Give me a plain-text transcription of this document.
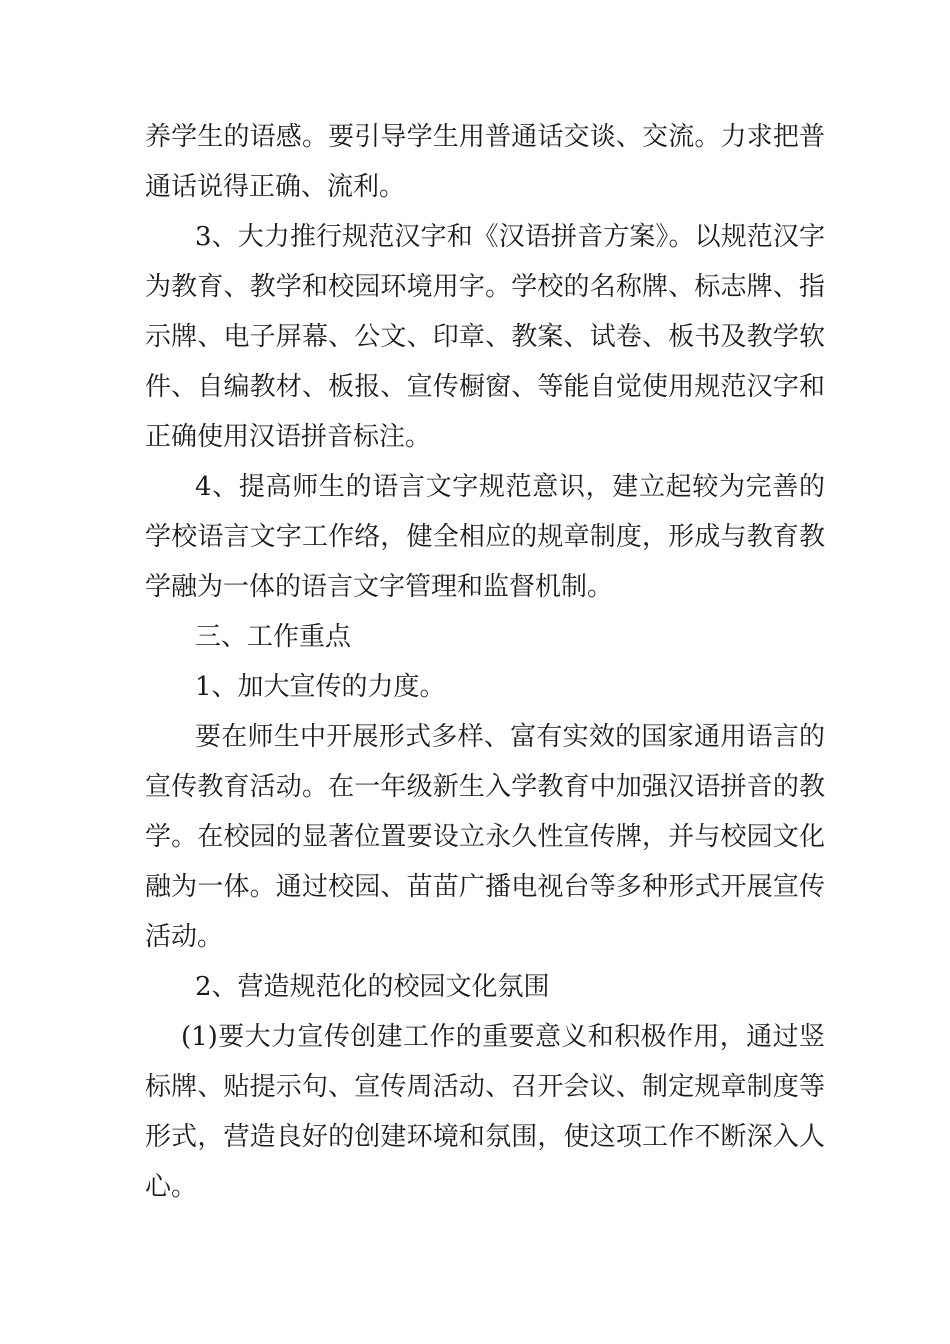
养学生的语感。要引导学生用普通话交谈、交流。力求把普通话说得正确、流利。

3、大力推行规范汉字和《汉语拼音方案》。以规范汉字为教育、教学和校园环境用字。学校的名称牌、标志牌、指示牌、电子屏幕、公文、印章、教案、试卷、板书及教学软件、自编教材、板报、宣传橱窗、等能自觉使用规范汉字和正确使用汉语拼音标注。

4、提高师生的语言文字规范意识，建立起较为完善的学校语言文字工作络，健全相应的规章制度，形成与教育教学融为一体的语言文字管理和监督机制。

三、工作重点

1、加大宣传的力度。

要在师生中开展形式多样、富有实效的国家通用语言的宣传教育活动。在一年级新生入学教育中加强汉语拼音的教学。在校园的显著位置要设立永久性宣传牌，并与校园文化融为一体。通过校园、苗苗广播电视台等多种形式开展宣传活动。

2、营造规范化的校园文化氛围

(1)要大力宣传创建工作的重要意义和积极作用，通过竖标牌、贴提示句、宣传周活动、召开会议、制定规章制度等形式，营造良好的创建环境和氛围，使这项工作不断深入人心。
